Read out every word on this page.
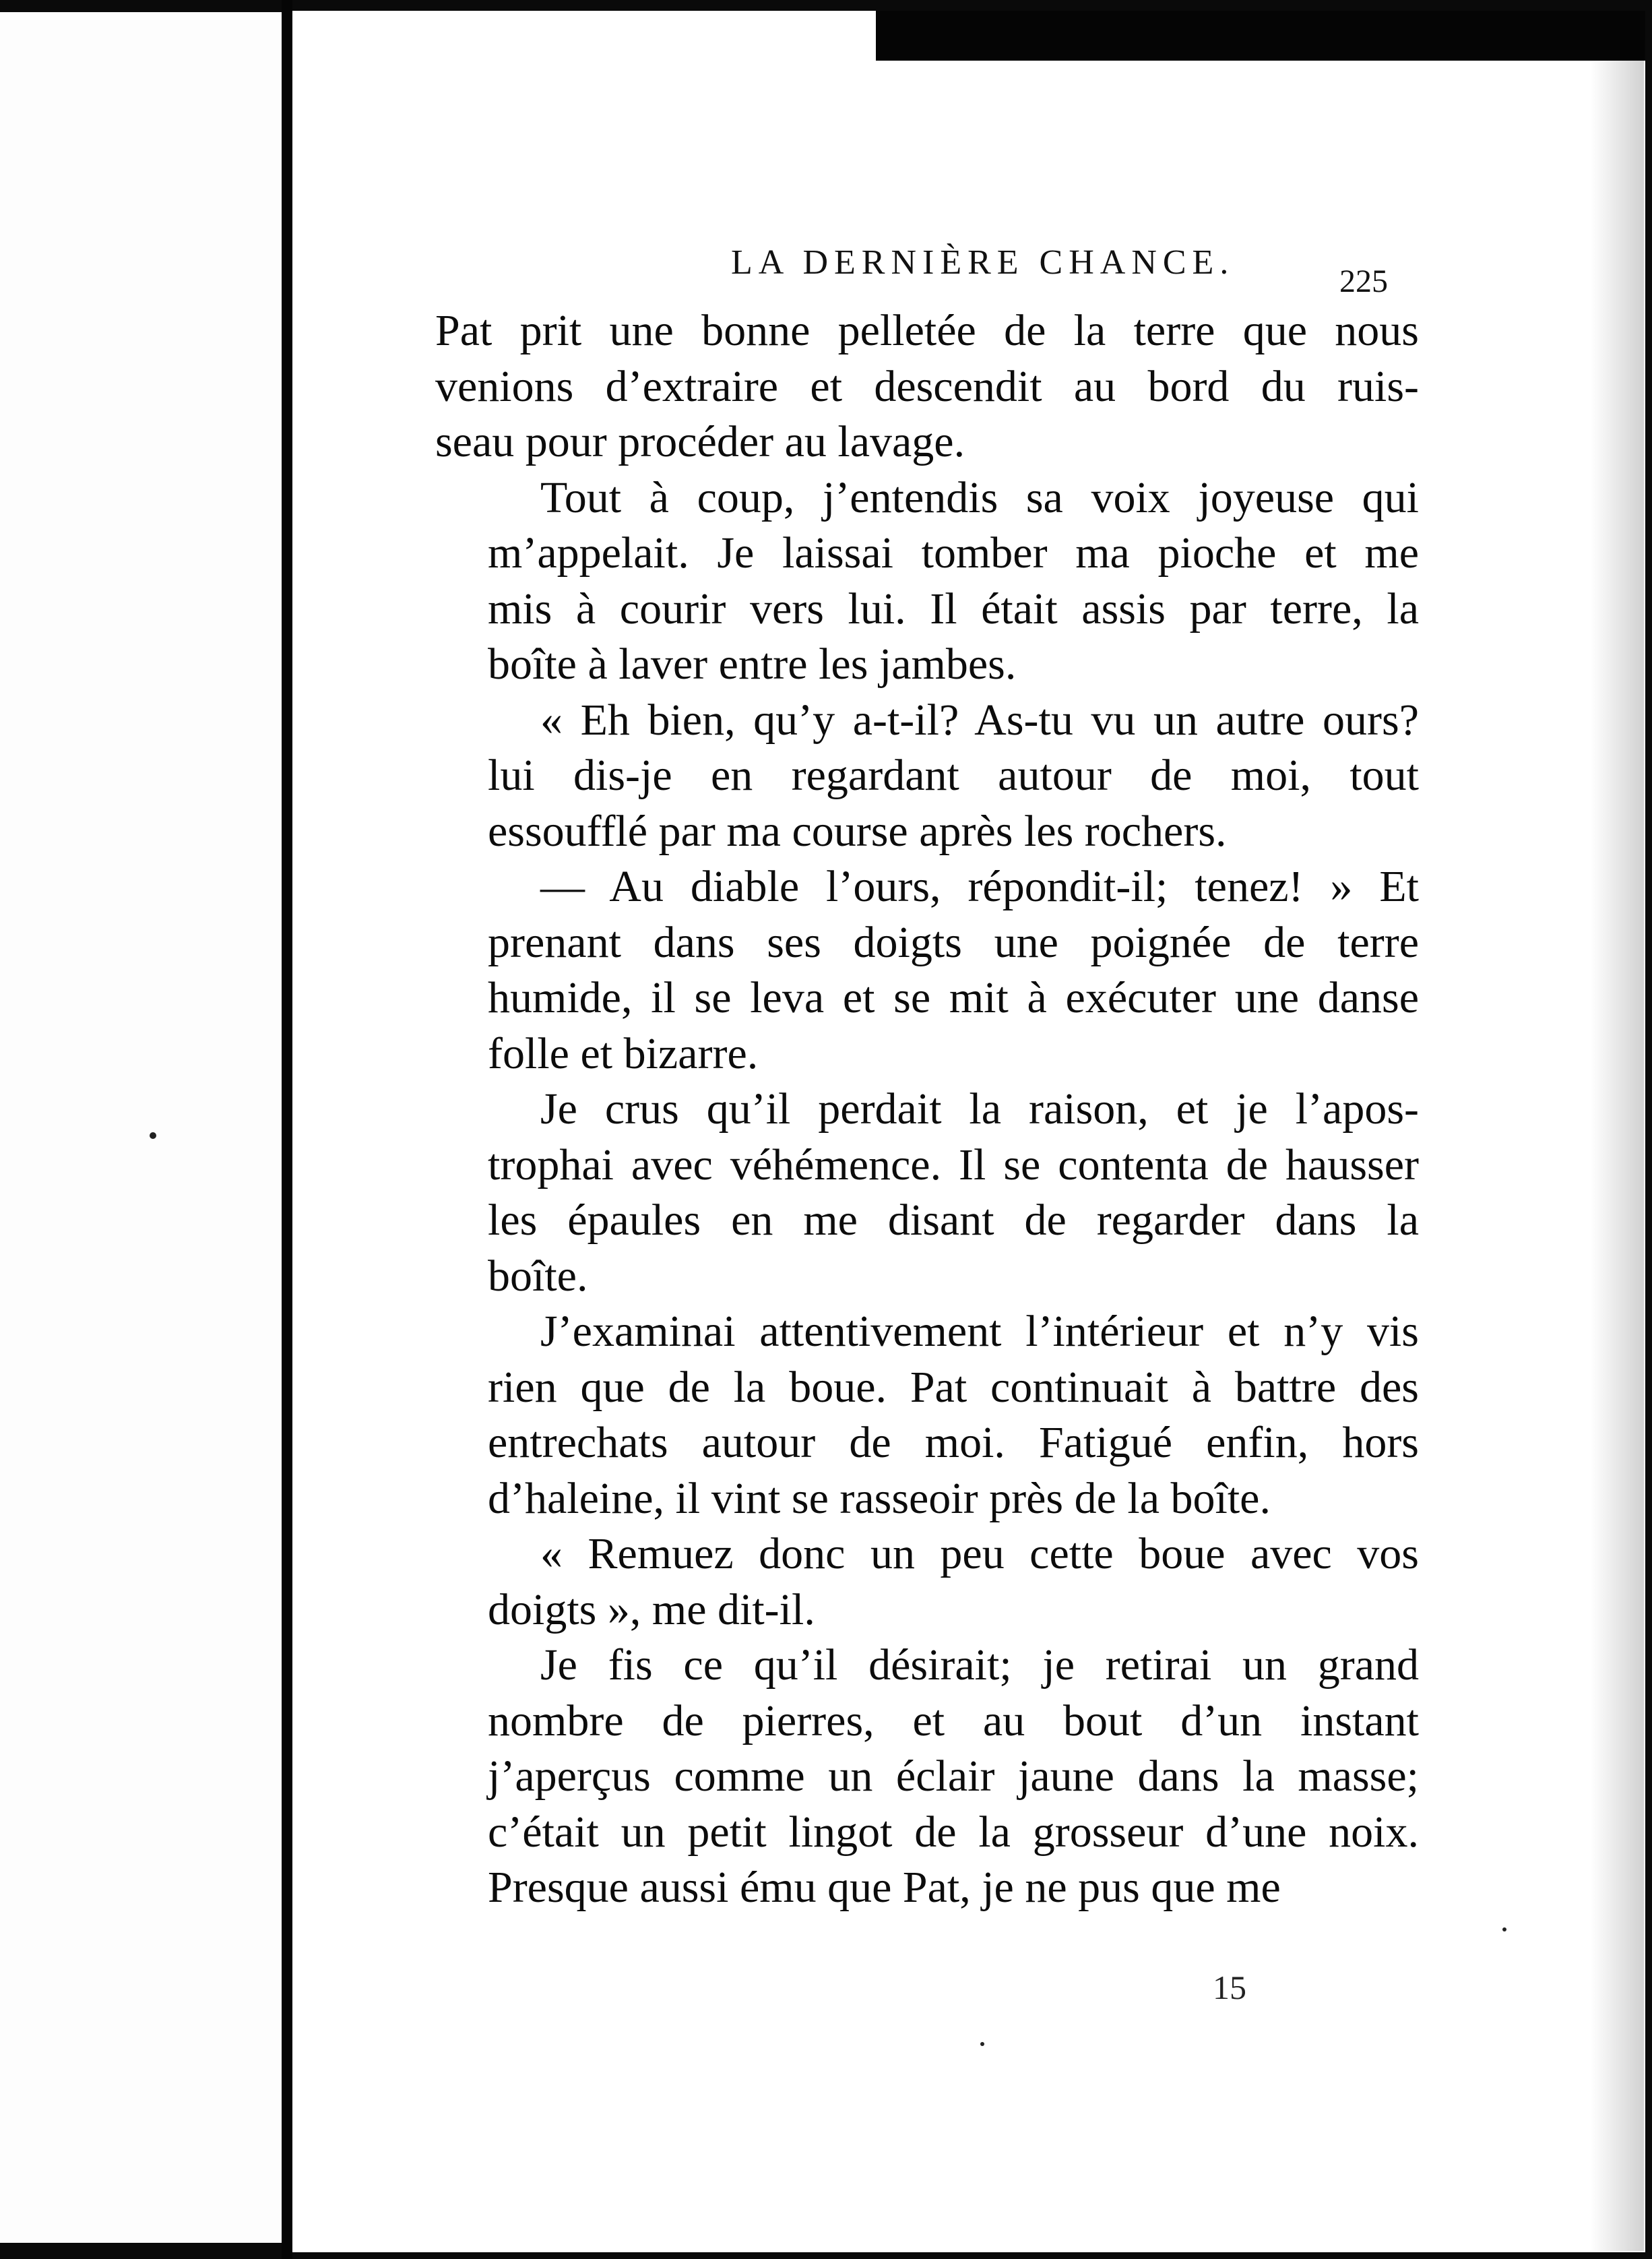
LA DERNIÈRE CHANCE.	225
Pat prit une bonne pelletée de la terre que nous
venions d’extraire et descendit au bord du ruis-
seau pour procéder au lavage.
Tout à coup, j’entendis sa voix joyeuse qui
m’appelait. Je laissai tomber ma pioche et me
mis à courir vers lui. Il était assis par terre, la
boîte à laver entre les jambes.
« Eh bien, qu’y a-t-il? As-tu vu un autre ours?
lui dis-je en regardant autour de moi, tout
essoufflé par ma course après les rochers.
— Au diable l’ours, répondit-il; tenez! » Et
prenant dans ses doigts une poignée de terre
humide, il se leva et se mit à exécuter une danse
folle et bizarre.
Je crus qu’il perdait la raison, et je l’apos-
trophai avec véhémence. Il se contenta de hausser
les épaules en me disant de regarder dans la
boîte.
J’examinai attentivement l’intérieur et n’y vis
rien que de la boue. Pat continuait à battre des
entrechats autour de moi. Fatigué enfin, hors
d’haleine, il vint se rasseoir près de la boîte.
« Remuez donc un peu cette boue avec vos
doigts », me dit-il.
Je fis ce qu’il désirait; je retirai un grand
nombre de pierres, et au bout d’un instant
j’aperçus comme un éclair jaune dans la masse;
c’était un petit lingot de la grosseur d’une noix.
Presque aussi ému que Pat, je ne pus que me
15
